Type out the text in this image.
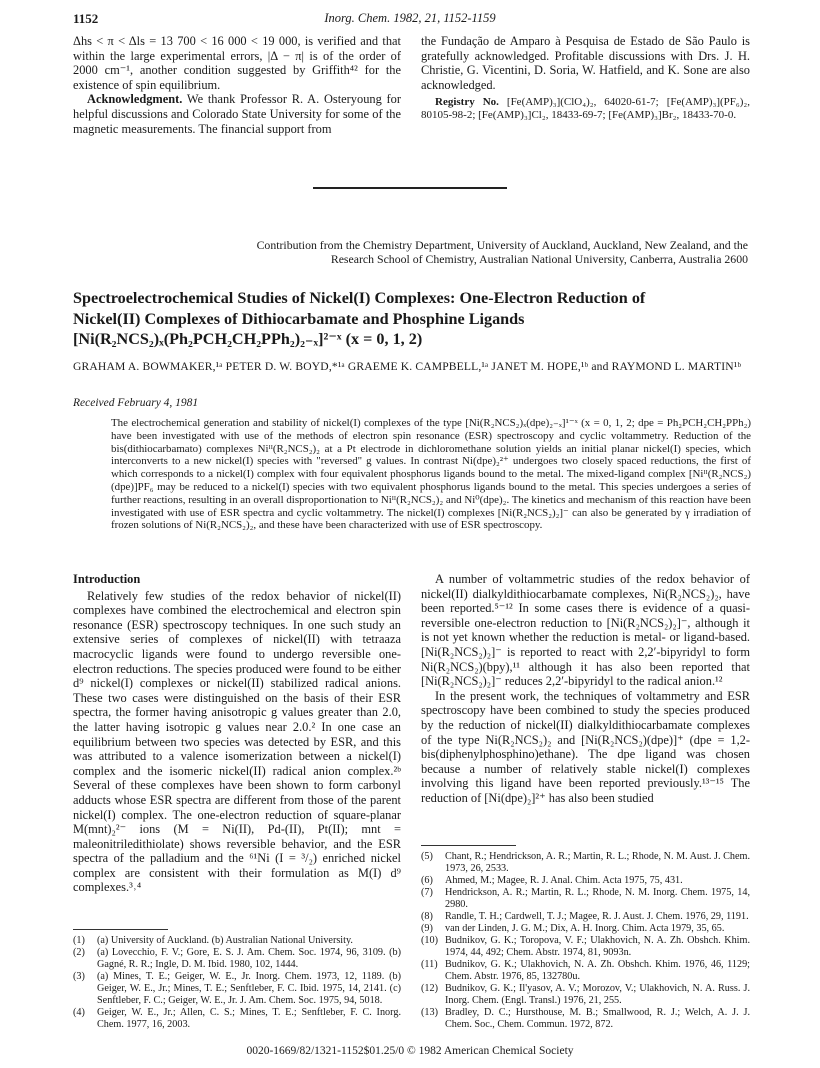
1152	Inorg. Chem. 1982, 21, 1152-1159

Δhs < π < Δls = 13 700 < 16 000 < 19 000, is verified and that within the large experimental errors, |Δ − π| is of the order of 2000 cm⁻¹, another condition suggested by Griffith⁴² for the existence of spin equilibrium.

Acknowledgment. We thank Professor R. A. Osteryoung for helpful discussions and Colorado State University for some of the magnetic measurements. The financial support from

the Fundação de Amparo à Pesquisa de Estado de São Paulo is gratefully acknowledged. Profitable discussions with Drs. J. H. Christie, G. Vicentini, D. Soria, W. Hatfield, and K. Sone are also acknowledged.

Registry No. [Fe(AMP)₃](ClO₄)₂, 64020-61-7; [Fe(AMP)₃](PF₆)₂, 80105-98-2; [Fe(AMP)₃]Cl₂, 18433-69-7; [Fe(AMP)₃]Br₂, 18433-70-0.

Contribution from the Chemistry Department, University of Auckland, Auckland, New Zealand, and the Research School of Chemistry, Australian National University, Canberra, Australia 2600
Spectroelectrochemical Studies of Nickel(I) Complexes: One-Electron Reduction of
Nickel(II) Complexes of Dithiocarbamate and Phosphine Ligands
[Ni(R₂NCS₂)ₓ(Ph₂PCH₂CH₂PPh₂)₂₋ₓ]²⁻ˣ (x = 0, 1, 2)
GRAHAM A. BOWMAKER,¹ᵃ PETER D. W. BOYD,*¹ᵃ GRAEME K. CAMPBELL,¹ᵃ JANET M. HOPE,¹ᵇ and RAYMOND L. MARTIN¹ᵇ
Received February 4, 1981
The electrochemical generation and stability of nickel(I) complexes of the type [Ni(R₂NCS₂)ₓ(dpe)₂₋ₓ]¹⁻ˣ (x = 0, 1, 2; dpe = Ph₂PCH₂CH₂PPh₂) have been investigated with use of the methods of electron spin resonance (ESR) spectroscopy and cyclic voltammetry. Reduction of the bis(dithiocarbamato) complexes Niᴵᴵ(R₂NCS₂)₂ at a Pt electrode in dichloromethane solution yields an initial planar nickel(I) species, which interconverts to a new nickel(I) species with "reversed" g values. In contrast Ni(dpe)₂²⁺ undergoes two closely spaced reductions, the first of which corresponds to a nickel(I) complex with four equivalent phosphorus ligands bound to the metal. The mixed-ligand complex [Niᴵᴵ(R₂NCS₂)(dpe)]PF₆ may be reduced to a nickel(I) species with two equivalent phosphorus ligands bound to the metal. This species undergoes a series of further reactions, resulting in an overall disproportionation to Niᴵᴵ(R₂NCS₂)₂ and Ni⁰(dpe)₂. The kinetics and mechanism of this reaction have been investigated with use of ESR spectra and cyclic voltammetry. The nickel(I) complexes [Ni(R₂NCS₂)₂]⁻ can also be generated by γ irradiation of frozen solutions of Ni(R₂NCS₂)₂, and these have been characterized with use of ESR spectroscopy.
Introduction

Relatively few studies of the redox behavior of nickel(II) complexes have combined the electrochemical and electron spin resonance (ESR) spectroscopy techniques. In one such study an extensive series of complexes of nickel(II) with tetraaza macrocyclic ligands were found to undergo reversible one-electron reductions. The species produced were found to be either d⁹ nickel(I) complexes or nickel(II) stabilized radical anions. These two cases were distinguished on the basis of their ESR spectra, the former having anisotropic g values greater than 2.0, the latter having isotropic g values near 2.0.² In one case an equilibrium between two species was detected by ESR, and this was attributed to a valence isomerization between a nickel(I) complex and the isomeric nickel(II) radical anion complex.²ᵇ Several of these complexes have been shown to form carbonyl adducts whose ESR spectra are different from those of the parent nickel(I) complex. The one-electron reduction of square-planar M(mnt)₂²⁻ ions (M = Ni(II), Pd-(II), Pt(II); mnt = maleonitriledithiolate) shows reversible behavior, and the ESR spectra of the palladium and the ⁶¹Ni (I = ³/₂) enriched nickel complex are consistent with their formulation as M(I) d⁹ complexes.³˒⁴

(1)	(a) University of Auckland. (b) Australian National University.
(2)	(a) Lovecchio, F. V.; Gore, E. S. J. Am. Chem. Soc. 1974, 96, 3109. (b) Gagné, R. R.; Ingle, D. M. Ibid. 1980, 102, 1444.
(3)	(a) Mines, T. E.; Geiger, W. E., Jr. Inorg. Chem. 1973, 12, 1189. (b) Geiger, W. E., Jr.; Mines, T. E.; Senftleber, F. C. Ibid. 1975, 14, 2141. (c) Senftleber, F. C.; Geiger, W. E., Jr. J. Am. Chem. Soc. 1975, 94, 5018.
(4)	Geiger, W. E., Jr.; Allen, C. S.; Mines, T. E.; Senftleber, F. C. Inorg. Chem. 1977, 16, 2003.

A number of voltammetric studies of the redox behavior of nickel(II) dialkyldithiocarbamate complexes, Ni(R₂NCS₂)₂, have been reported.⁵⁻¹² In some cases there is evidence of a quasi-reversible one-electron reduction to [Ni(R₂NCS₂)₂]⁻, although it is not yet known whether the reduction is metal- or ligand-based. [Ni(R₂NCS₂)₂]⁻ is reported to react with 2,2′-bipyridyl to form Ni(R₂NCS₂)(bpy),¹¹ although it has also been reported that [Ni(R₂NCS₂)₂]⁻ reduces 2,2′-bipyridyl to the radical anion.¹²

In the present work, the techniques of voltammetry and ESR spectroscopy have been combined to study the species produced by the reduction of nickel(II) dialkyldithiocarbamate complexes of the type Ni(R₂NCS₂)₂ and [Ni(R₂NCS₂)(dpe)]⁺ (dpe = 1,2-bis(diphenylphosphino)ethane). The dpe ligand was chosen because a number of relatively stable nickel(I) complexes involving this ligand have been reported previously.¹³⁻¹⁵ The reduction of [Ni(dpe)₂]²⁺ has also been studied

(5)	Chant, R.; Hendrickson, A. R.; Martin, R. L.; Rhode, N. M. Aust. J. Chem. 1973, 26, 2533.
(6)	Ahmed, M.; Magee, R. J. Anal. Chim. Acta 1975, 75, 431.
(7)	Hendrickson, A. R.; Martin, R. L.; Rhode, N. M. Inorg. Chem. 1975, 14, 2980.
(8)	Randle, T. H.; Cardwell, T. J.; Magee, R. J. Aust. J. Chem. 1976, 29, 1191.
(9)	van der Linden, J. G. M.; Dix, A. H. Inorg. Chim. Acta 1979, 35, 65.
(10) Budnikov, G. K.; Toropova, V. F.; Ulakhovich, N. A. Zh. Obshch. Khim. 1974, 44, 492; Chem. Abstr. 1974, 81, 9093n.
(11) Budnikov, G. K.; Ulakhovich, N. A. Zh. Obshch. Khim. 1976, 46, 1129; Chem. Abstr. 1976, 85, 132780u.
(12) Budnikov, G. K.; Il'yasov, A. V.; Morozov, V.; Ulakhovich, N. A. Russ. J. Inorg. Chem. (Engl. Transl.) 1976, 21, 255.
(13) Bradley, D. C.; Hursthouse, M. B.; Smallwood, R. J.; Welch, A. J. J. Chem. Soc., Chem. Commun. 1972, 872.
0020-1669/82/1321-1152$01.25/0 © 1982 American Chemical Society
